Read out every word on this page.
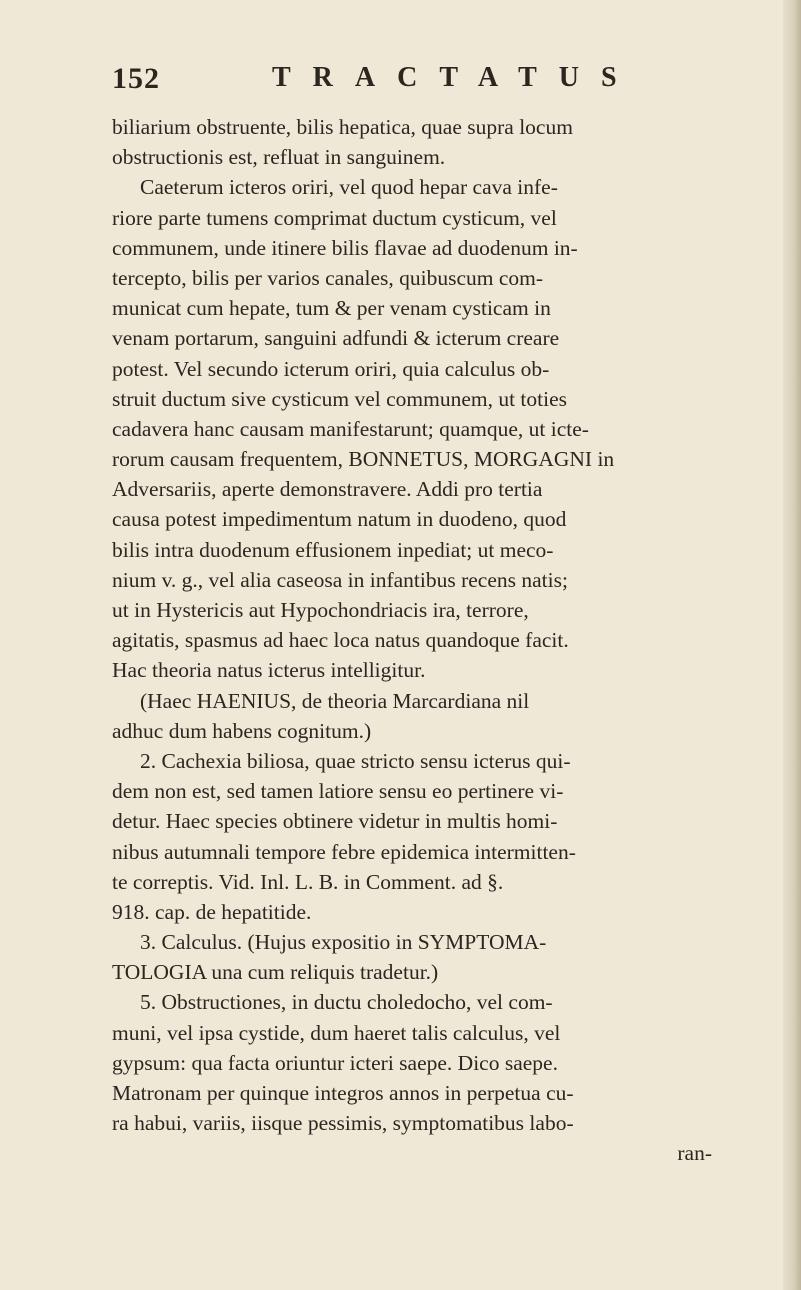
152	TRACTATUS
biliarium obstruente, bilis hepatica, quae supra locum
obstructionis est, refluat in sanguinem.
Caeterum icteros oriri, vel quod hepar cava infe-
riore parte tumens comprimat ductum cysticum, vel
communem, unde itinere bilis flavae ad duodenum in-
tercepto, bilis per varios canales, quibuscum com-
municat cum hepate, tum & per venam cysticam in
venam portarum, sanguini adfundi & icterum creare
potest. Vel secundo icterum oriri, quia calculus ob-
struit ductum sive cysticum vel communem, ut toties
cadavera hanc causam manifestarunt; quamque, ut icte-
rorum causam frequentem, BONNETUS, MORGAGNI in
Adversariis, aperte demonstravere. Addi pro tertia
causa potest impedimentum natum in duodeno, quod
bilis intra duodenum effusionem inpediat; ut meco-
nium v. g., vel alia caseosa in infantibus recens natis;
ut in Hystericis aut Hypochondriacis ira, terrore,
agitatis, spasmus ad haec loca natus quandoque facit.
Hac theoria natus icterus intelligitur.
(Haec HAENIUS, de theoria Marcardiana nil
adhuc dum habens cognitum.)
2. Cachexia biliosa, quae stricto sensu icterus qui-
dem non est, sed tamen latiore sensu eo pertinere vi-
detur. Haec species obtinere videtur in multis homi-
nibus autumnali tempore febre epidemica intermitten-
te correptis. Vid. Inl. L. B. in Comment. ad §.
918. cap. de hepatitide.
3. Calculus. (Hujus expositio in SYMPTOMA-
TOLOGIA una cum reliquis tradetur.)
5. Obstructiones, in ductu choledocho, vel com-
muni, vel ipsa cystide, dum haeret talis calculus, vel
gypsum: qua facta oriuntur icteri saepe. Dico saepe.
Matronam per quinque integros annos in perpetua cu-
ra habui, variis, iisque pessimis, symptomatibus labo-
ran-
